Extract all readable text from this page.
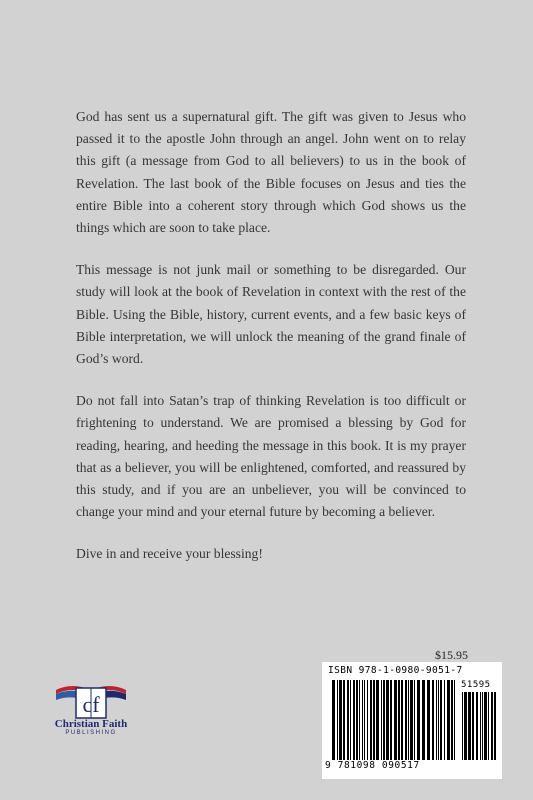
God has sent us a supernatural gift. The gift was given to Jesus who passed it to the apostle John through an angel. John went on to relay this gift (a message from God to all believers) to us in the book of Revelation. The last book of the Bible focuses on Jesus and ties the entire Bible into a coherent story through which God shows us the things which are soon to take place.

This message is not junk mail or something to be disregarded. Our study will look at the book of Revelation in context with the rest of the Bible. Using the Bible, history, current events, and a few basic keys of Bible interpretation, we will unlock the meaning of the grand finale of God’s word.

Do not fall into Satan’s trap of thinking Revelation is too difficult or frightening to understand. We are promised a blessing by God for reading, hearing, and heeding the message in this book. It is my prayer that as a believer, you will be enlightened, comforted, and reassured by this study, and if you are an unbeliever, you will be convinced to change your mind and your eternal future by becoming a believer.

Dive in and receive your blessing!

cf
Christian Faith
PUBLISHING
$15.95
ISBN 978-1-0980-9051-7
51595
9 781098 090517
